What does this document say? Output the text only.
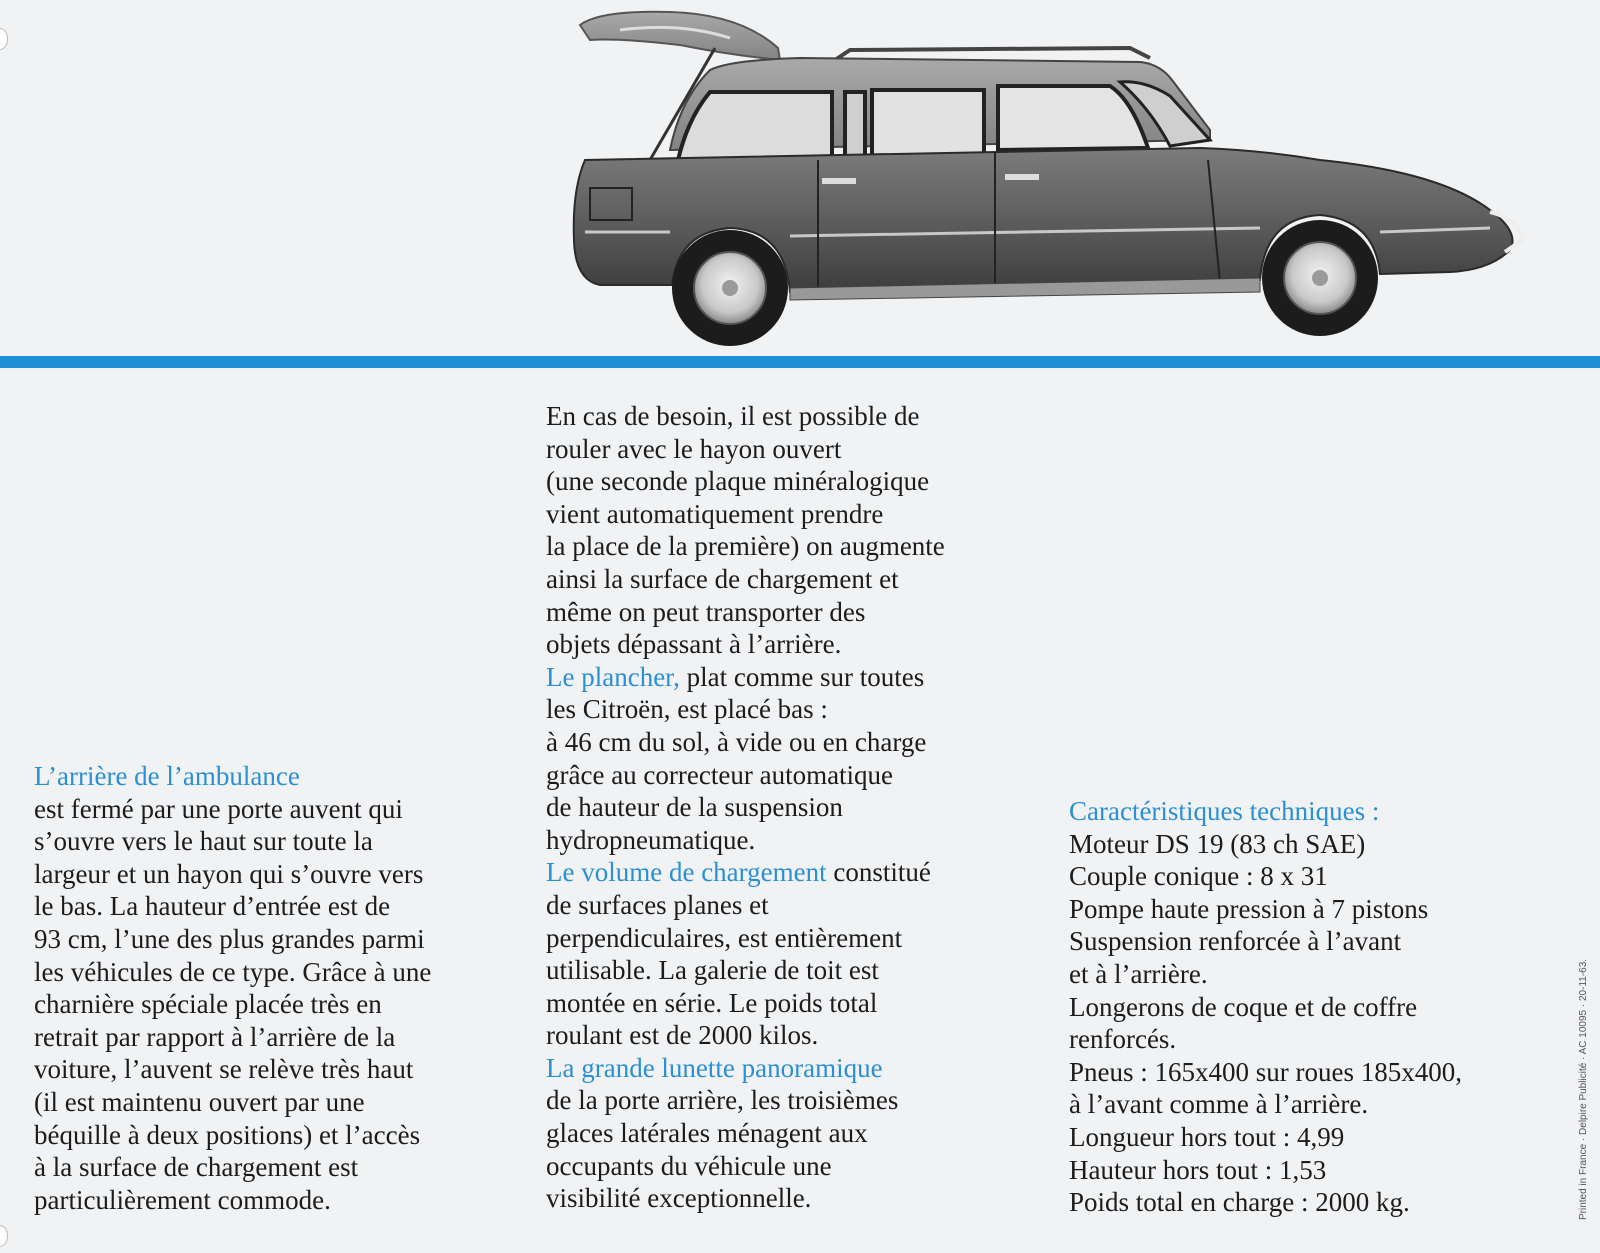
L’arrière de l’ambulance
est fermé par une porte auvent qui
s’ouvre vers le haut sur toute la
largeur et un hayon qui s’ouvre vers
le bas. La hauteur d’entrée est de
93 cm, l’une des plus grandes parmi
les véhicules de ce type. Grâce à une
charnière spéciale placée très en
retrait par rapport à l’arrière de la
voiture, l’auvent se relève très haut
(il est maintenu ouvert par une
béquille à deux positions) et l’accès
à la surface de chargement est
particulièrement commode.
En cas de besoin, il est possible de
rouler avec le hayon ouvert
(une seconde plaque minéralogique
vient automatiquement prendre
la place de la première) on augmente
ainsi la surface de chargement et
même on peut transporter des
objets dépassant à l’arrière.
Le plancher, plat comme sur toutes
les Citroën, est placé bas :
à 46 cm du sol, à vide ou en charge
grâce au correcteur automatique
de hauteur de la suspension
hydropneumatique.
Le volume de chargement constitué
de surfaces planes et
perpendiculaires, est entièrement
utilisable. La galerie de toit est
montée en série. Le poids total
roulant est de 2000 kilos.
La grande lunette panoramique
de la porte arrière, les troisièmes
glaces latérales ménagent aux
occupants du véhicule une
visibilité exceptionnelle.
Caractéristiques techniques :
Moteur DS 19 (83 ch SAE)
Couple conique : 8 x 31
Pompe haute pression à 7 pistons
Suspension renforcée à l’avant
et à l’arrière.
Longerons de coque et de coffre
renforcés.
Pneus : 165x400 sur roues 185x400,
à l’avant comme à l’arrière.
Longueur hors tout : 4,99
Hauteur hors tout : 1,53
Poids total en charge : 2000 kg.	Printed in France · Delpire Publicité · AC 10095 · 20-11-63.
